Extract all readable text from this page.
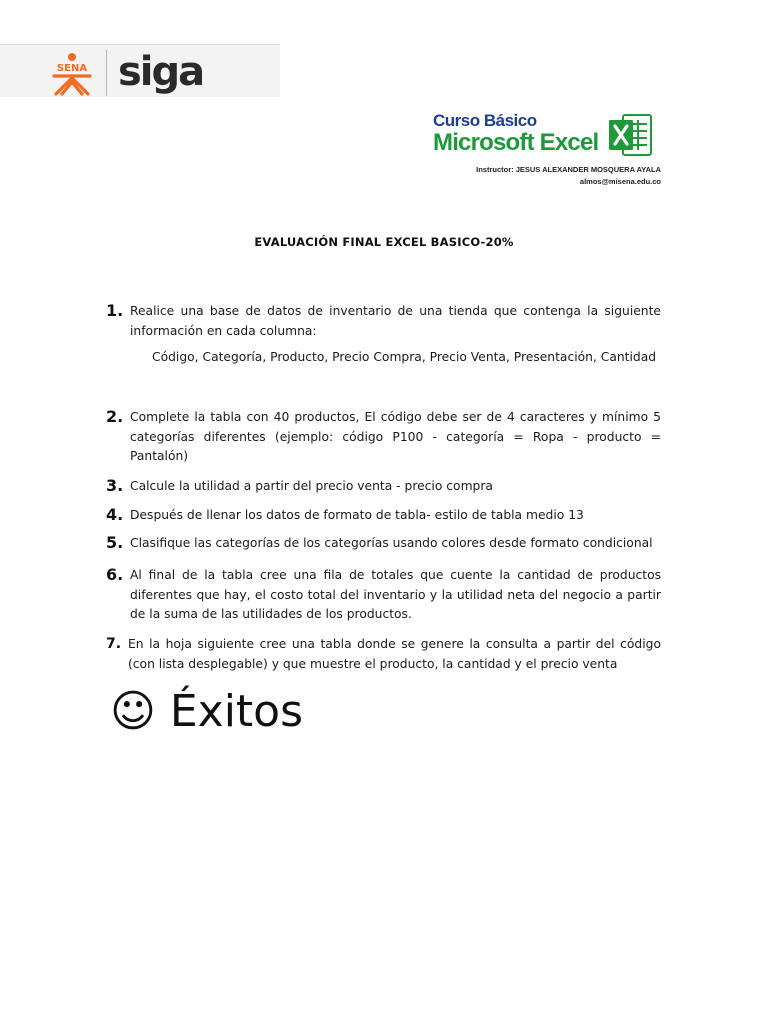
SENA siga
Curso Básico
Microsoft Excel
Instructor: JESUS ALEXANDER MOSQUERA AYALA
almos@misena.edu.co
EVALUACIÓN FINAL EXCEL BASICO-20%
1. Realice una base de datos de inventario de una tienda que contenga la siguiente información en cada columna:
Código, Categoría, Producto, Precio Compra, Precio Venta, Presentación, Cantidad
2. Complete la tabla con 40 productos, El código debe ser de 4 caracteres y mínimo 5 categorías diferentes (ejemplo: código P100 - categoría = Ropa - producto = Pantalón)
3. Calcule la utilidad a partir del precio venta - precio compra
4. Después de llenar los datos de formato de tabla- estilo de tabla medio 13
5. Clasifique las categorías de los categorías usando colores desde formato condicional
6. Al final de la tabla cree una fila de totales que cuente la cantidad de productos diferentes que hay, el costo total del inventario y la utilidad neta del negocio a partir de la suma de las utilidades de los productos.
7. En la hoja siguiente cree una tabla donde se genere la consulta a partir del código (con lista desplegable) y que muestre el producto, la cantidad y el precio venta
☺ Éxitos
